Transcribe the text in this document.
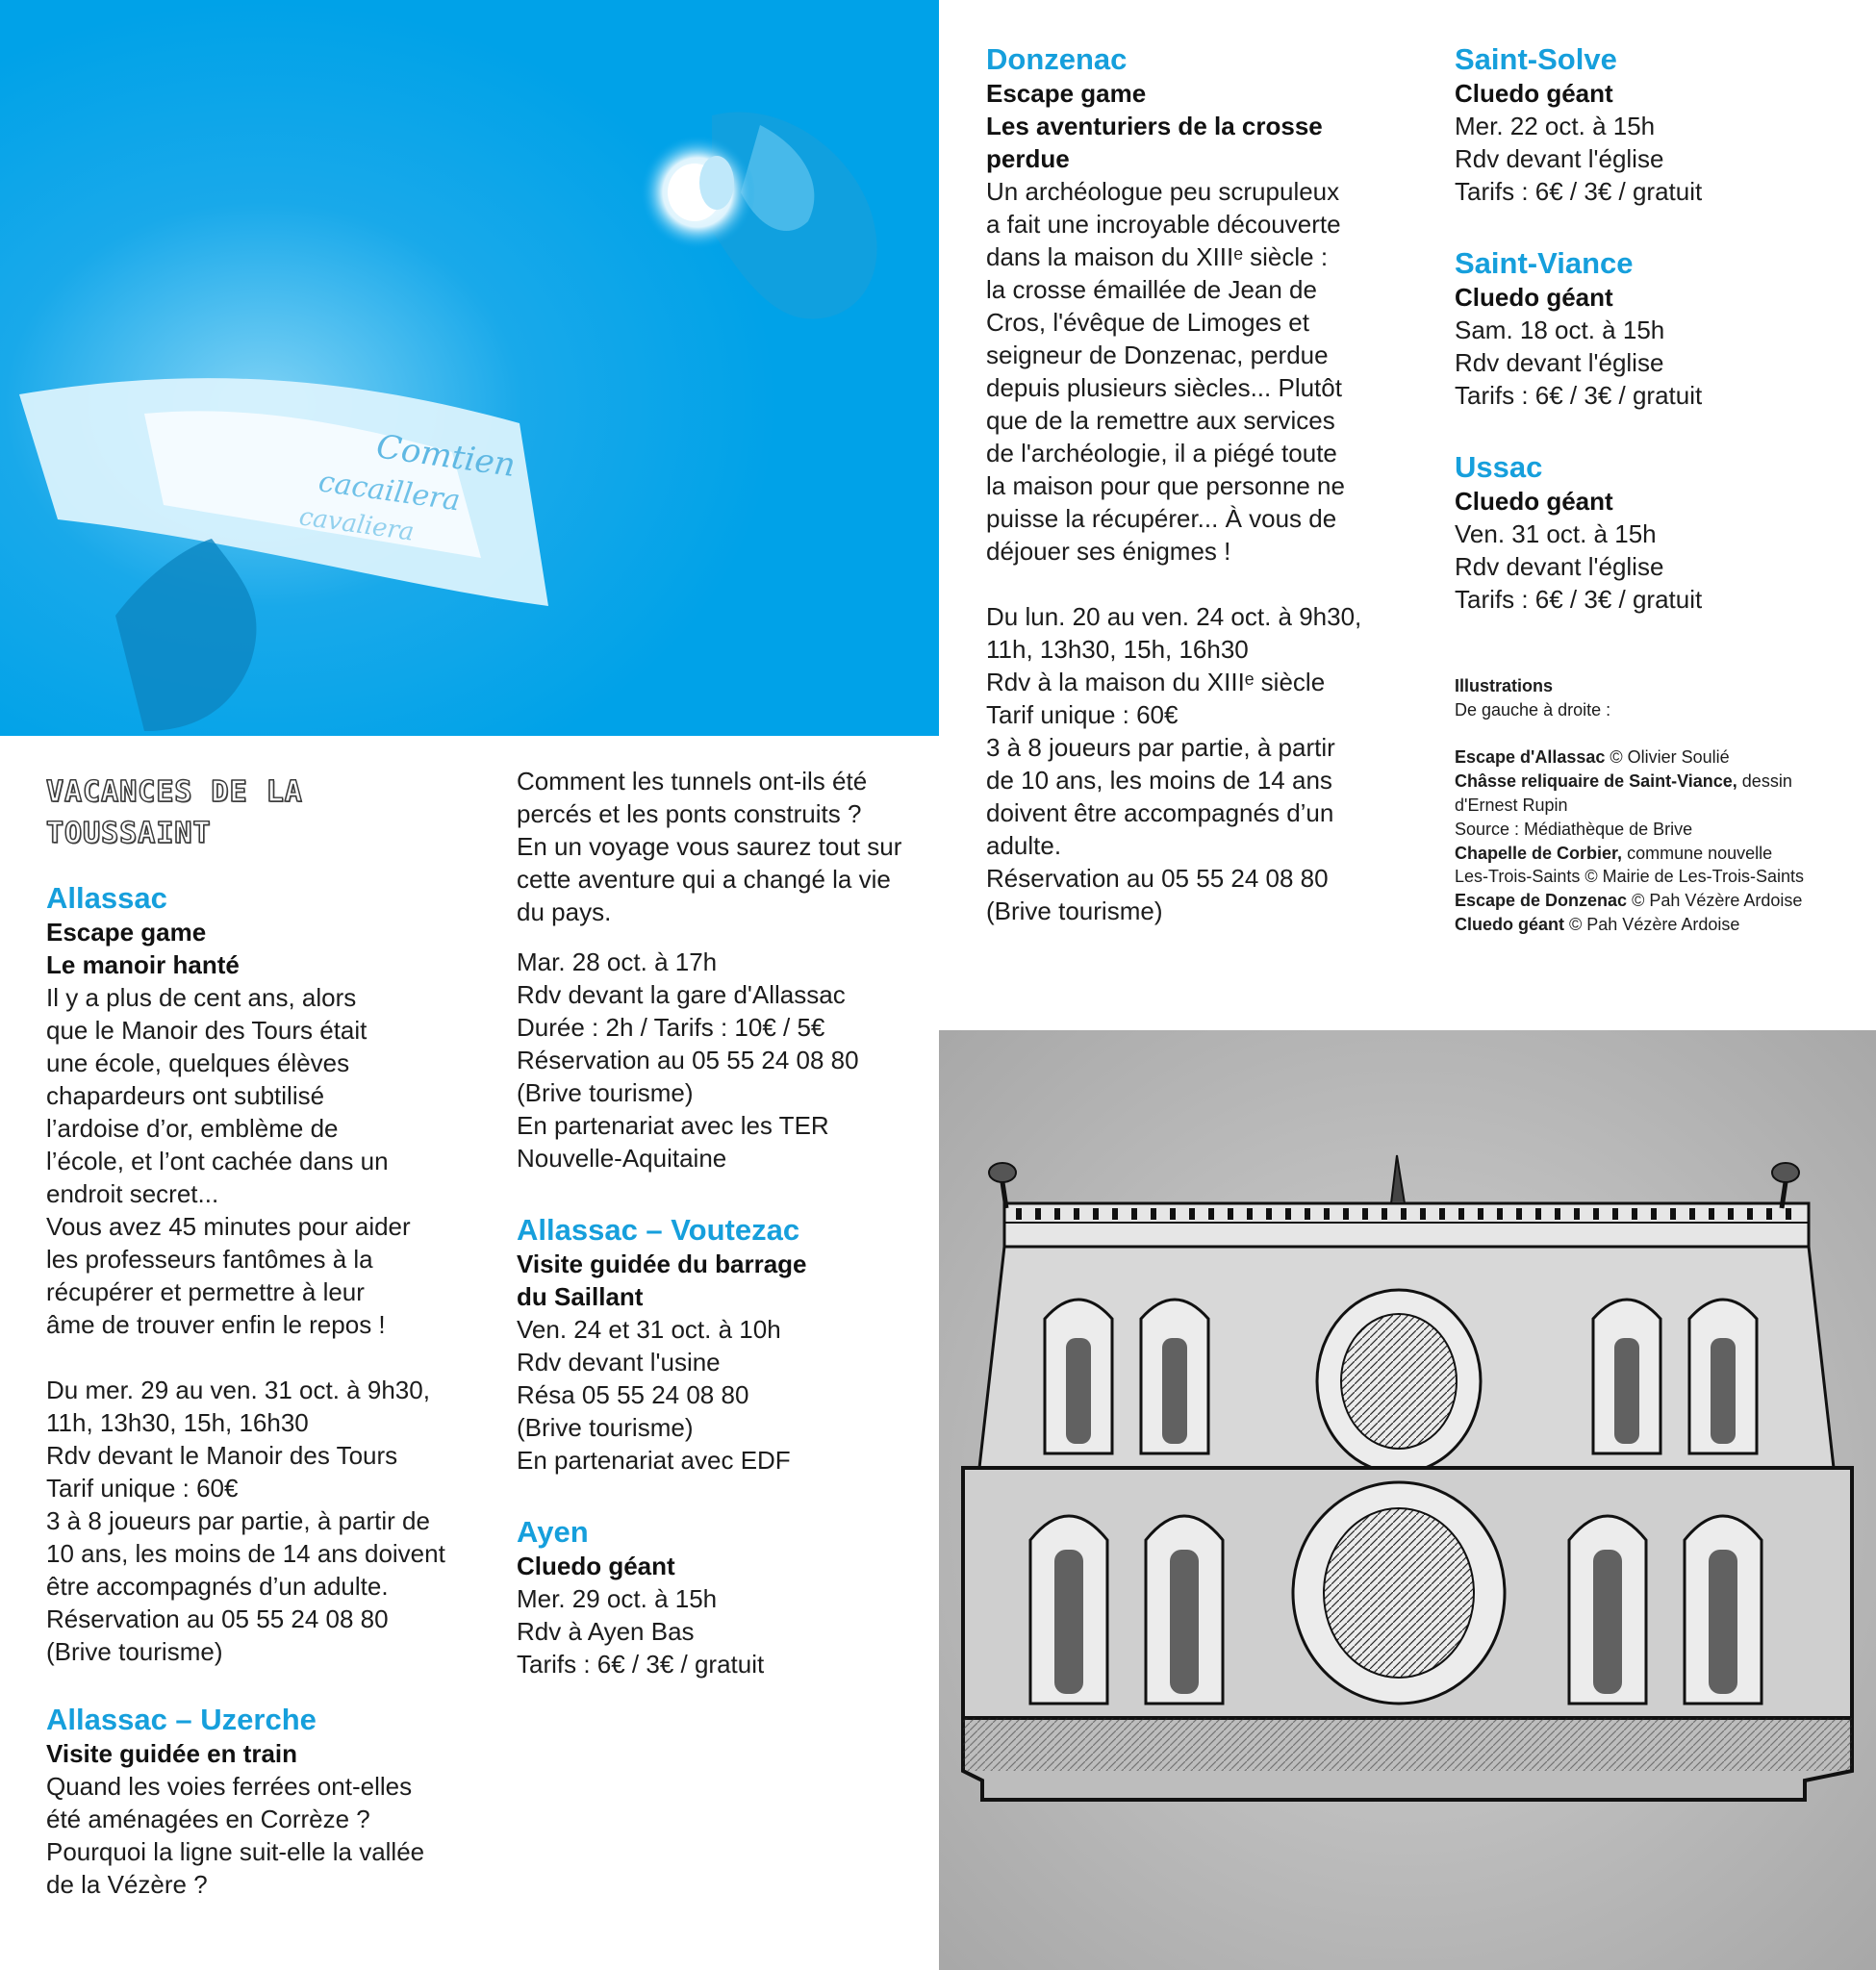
Comtien
cacaillera
cavaliera
VACANCES DE LA
TOUSSAINT

Allassac

Escape game

Le manoir hanté

Il y a plus de cent ans, alors

que le Manoir des Tours était

une école, quelques élèves

chapardeurs ont subtilisé

l’ardoise d’or, emblème de

l’école, et l’ont cachée dans un

endroit secret...

Vous avez 45 minutes pour aider

les professeurs fantômes à la

récupérer et permettre à leur

âme de trouver enfin le repos !

Du mer. 29 au ven. 31 oct. à 9h30,

11h, 13h30, 15h, 16h30

Rdv devant le Manoir des Tours

Tarif unique : 60€

3 à 8 joueurs par partie, à partir de

10 ans, les moins de 14 ans doivent

être accompagnés d’un adulte.

Réservation au 05 55 24 08 80

(Brive tourisme)

Allassac – Uzerche

Visite guidée en train

Quand les voies ferrées ont-elles

été aménagées en Corrèze ?

Pourquoi la ligne suit-elle la vallée

de la Vézère ?

Comment les tunnels ont-ils été

percés et les ponts construits ?

En un voyage vous saurez tout sur

cette aventure qui a changé la vie

du pays.

Mar. 28 oct. à 17h

Rdv devant la gare d'Allassac

Durée : 2h / Tarifs : 10€ / 5€

Réservation au 05 55 24 08 80

(Brive tourisme)

En partenariat avec les TER

Nouvelle-Aquitaine

Allassac – Voutezac

Visite guidée du barrage

du Saillant

Ven. 24 et 31 oct. à 10h

Rdv devant l'usine

Résa 05 55 24 08 80

(Brive tourisme)

En partenariat avec EDF

Ayen

Cluedo géant

Mer. 29 oct. à 15h

Rdv à Ayen Bas

Tarifs : 6€ / 3€ / gratuit

Donzenac

Escape game

Les aventuriers de la crosse

perdue

Un archéologue peu scrupuleux

a fait une incroyable découverte

dans la maison du XIIIᵉ siècle :

la crosse émaillée de Jean de

Cros, l'évêque de Limoges et

seigneur de Donzenac, perdue

depuis plusieurs siècles... Plutôt

que de la remettre aux services

de l'archéologie, il a piégé toute

la maison pour que personne ne

puisse la récupérer... À vous de

déjouer ses énigmes !

Du lun. 20 au ven. 24 oct. à 9h30,

11h, 13h30, 15h, 16h30

Rdv à la maison du XIIIᵉ siècle

Tarif unique : 60€

3 à 8 joueurs par partie, à partir

de 10 ans, les moins de 14 ans

doivent être accompagnés d’un

adulte.

Réservation au 05 55 24 08 80

(Brive tourisme)

Saint-Solve

Cluedo géant

Mer. 22 oct. à 15h

Rdv devant l'église

Tarifs : 6€ / 3€ / gratuit

Saint-Viance

Cluedo géant

Sam. 18 oct. à 15h

Rdv devant l'église

Tarifs : 6€ / 3€ / gratuit

Ussac

Cluedo géant

Ven. 31 oct. à 15h

Rdv devant l'église

Tarifs : 6€ / 3€ / gratuit

Illustrations

De gauche à droite :

Escape d'Allassac © Olivier Soulié

Châsse reliquaire de Saint-Viance, dessin

d'Ernest Rupin

Source : Médiathèque de Brive

Chapelle de Corbier, commune nouvelle

Les-Trois-Saints © Mairie de Les-Trois-Saints

Escape de Donzenac © Pah Vézère Ardoise

Cluedo géant © Pah Vézère Ardoise
